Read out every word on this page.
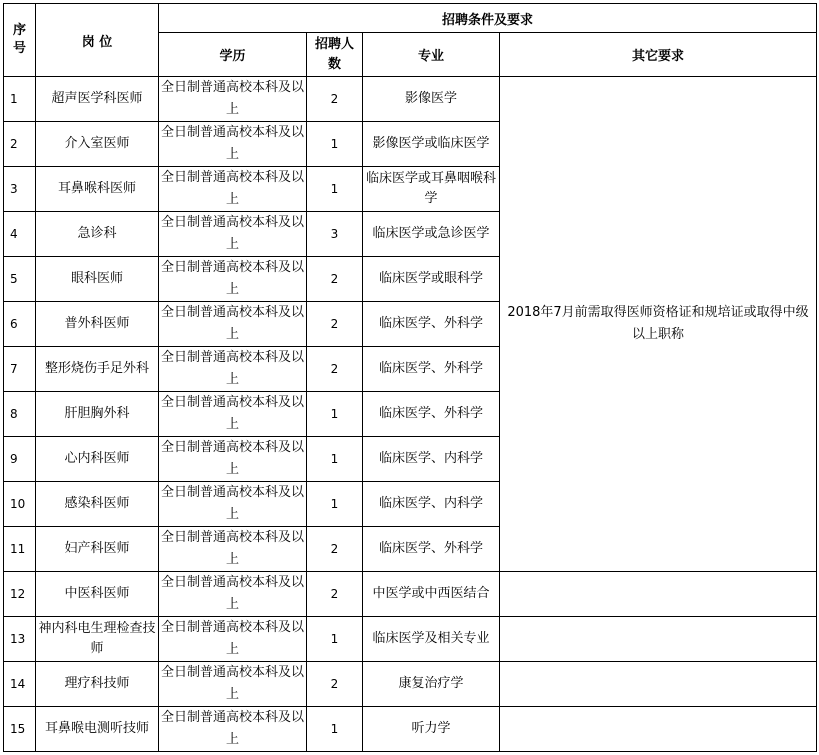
序号	岗 位	招聘条件及要求			
		学历	招聘人数	专业	其它要求
1	超声医学科医师	全日制普通高校本科及以上	2	影像医学	2018年7月前需取得医师资格证和规培证或取得中级以上职称
2	介入室医师	全日制普通高校本科及以上	1	影像医学或临床医学	
3	耳鼻喉科医师	全日制普通高校本科及以上	1	临床医学或耳鼻咽喉科学	
4	急诊科	全日制普通高校本科及以上	3	临床医学或急诊医学	
5	眼科医师	全日制普通高校本科及以上	2	临床医学或眼科学	
6	普外科医师	全日制普通高校本科及以上	2	临床医学、外科学	
7	整形烧伤手足外科	全日制普通高校本科及以上	2	临床医学、外科学	
8	肝胆胸外科	全日制普通高校本科及以上	1	临床医学、外科学	
9	心内科医师	全日制普通高校本科及以上	1	临床医学、内科学	
10	感染科医师	全日制普通高校本科及以上	1	临床医学、内科学	
11	妇产科医师	全日制普通高校本科及以上	2	临床医学、外科学	
12	中医科医师	全日制普通高校本科及以上	2	中医学或中西医结合	
13	神内科电生理检查技师	全日制普通高校本科及以上	1	临床医学及相关专业	
14	理疗科技师	全日制普通高校本科及以上	2	康复治疗学	
15	耳鼻喉电测听技师	全日制普通高校本科及以上	1	听力学	
